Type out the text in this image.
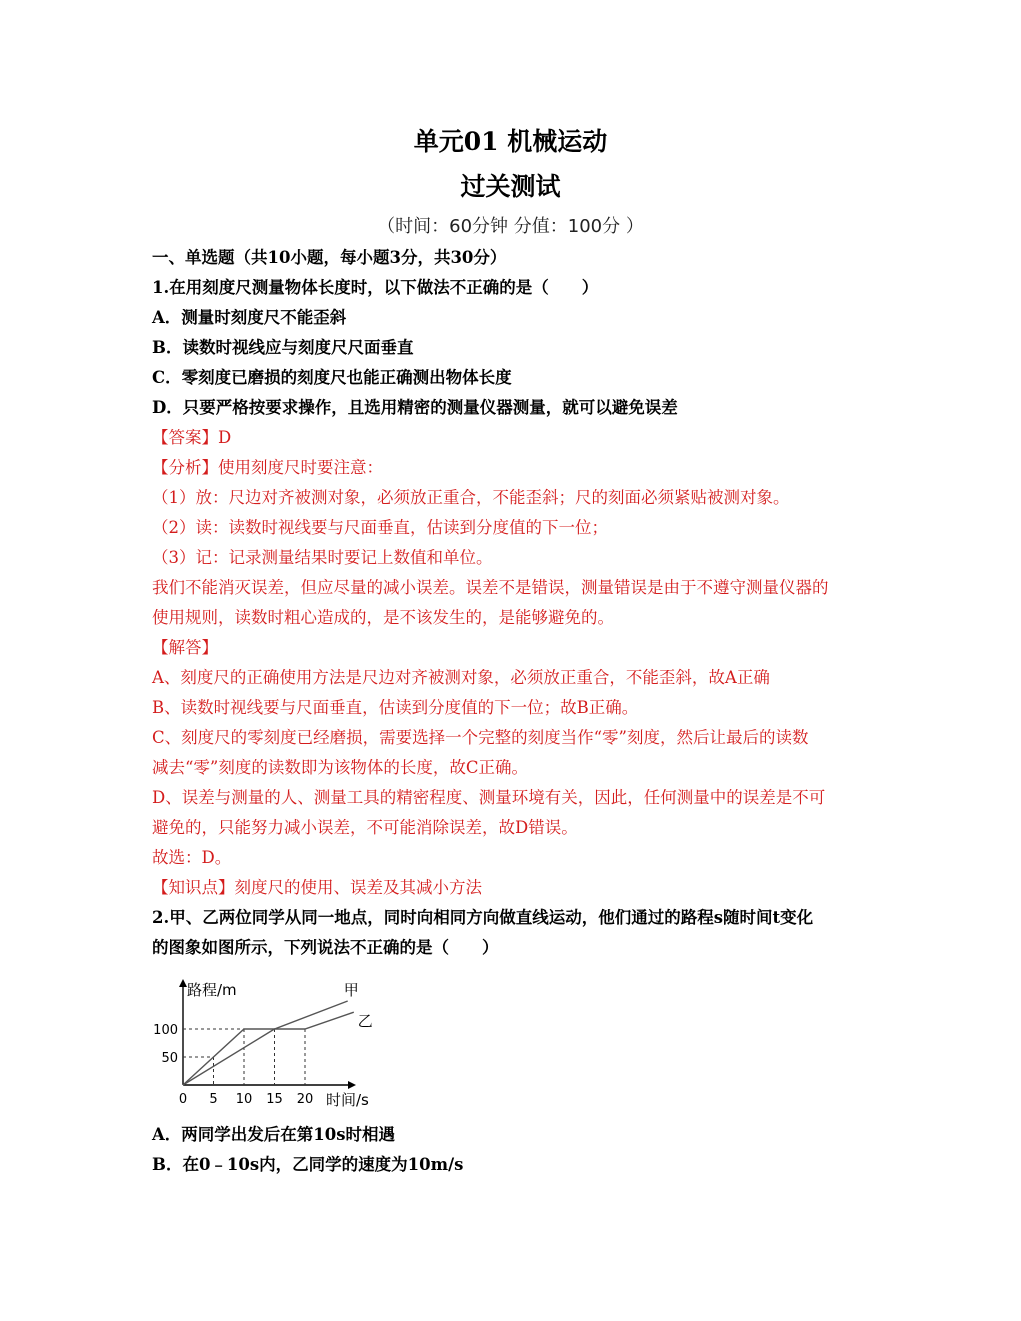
单元01 机械运动
过关测试
（时间：60分钟 分值：100分 ）
一、单选题（共10小题，每小题3分，共30分）
1.在用刻度尺测量物体长度时，以下做法不正确的是（　　）
A．测量时刻度尺不能歪斜
B．读数时视线应与刻度尺尺面垂直
C．零刻度已磨损的刻度尺也能正确测出物体长度
D．只要严格按要求操作，且选用精密的测量仪器测量，就可以避免误差
【答案】D
【分析】使用刻度尺时要注意：
（1）放：尺边对齐被测对象，必须放正重合，不能歪斜；尺的刻面必须紧贴被测对象。
（2）读：读数时视线要与尺面垂直，估读到分度值的下一位；
（3）记：记录测量结果时要记上数值和单位。
我们不能消灭误差，但应尽量的减小误差。误差不是错误，测量错误是由于不遵守测量仪器的
使用规则，读数时粗心造成的，是不该发生的，是能够避免的。
【解答】
A、刻度尺的正确使用方法是尺边对齐被测对象，必须放正重合，不能歪斜，故A正确
B、读数时视线要与尺面垂直，估读到分度值的下一位；故B正确。
C、刻度尺的零刻度已经磨损，需要选择一个完整的刻度当作“零”刻度，然后让最后的读数
减去“零”刻度的读数即为该物体的长度，故C正确。
D、误差与测量的人、测量工具的精密程度、测量环境有关，因此，任何测量中的误差是不可
避免的，只能努力减小误差，不可能消除误差，故D错误。
故选：D。
【知识点】刻度尺的使用、误差及其减小方法
2.甲、乙两位同学从同一地点，同时向相同方向做直线运动，他们通过的路程s随时间t变化
的图象如图所示，下列说法不正确的是（　　）
甲
乙
0 5 10 15 20
50
100
路程/m
时间/s
A．两同学出发后在第10s时相遇
B．在0﹣10s内，乙同学的速度为10m/s
